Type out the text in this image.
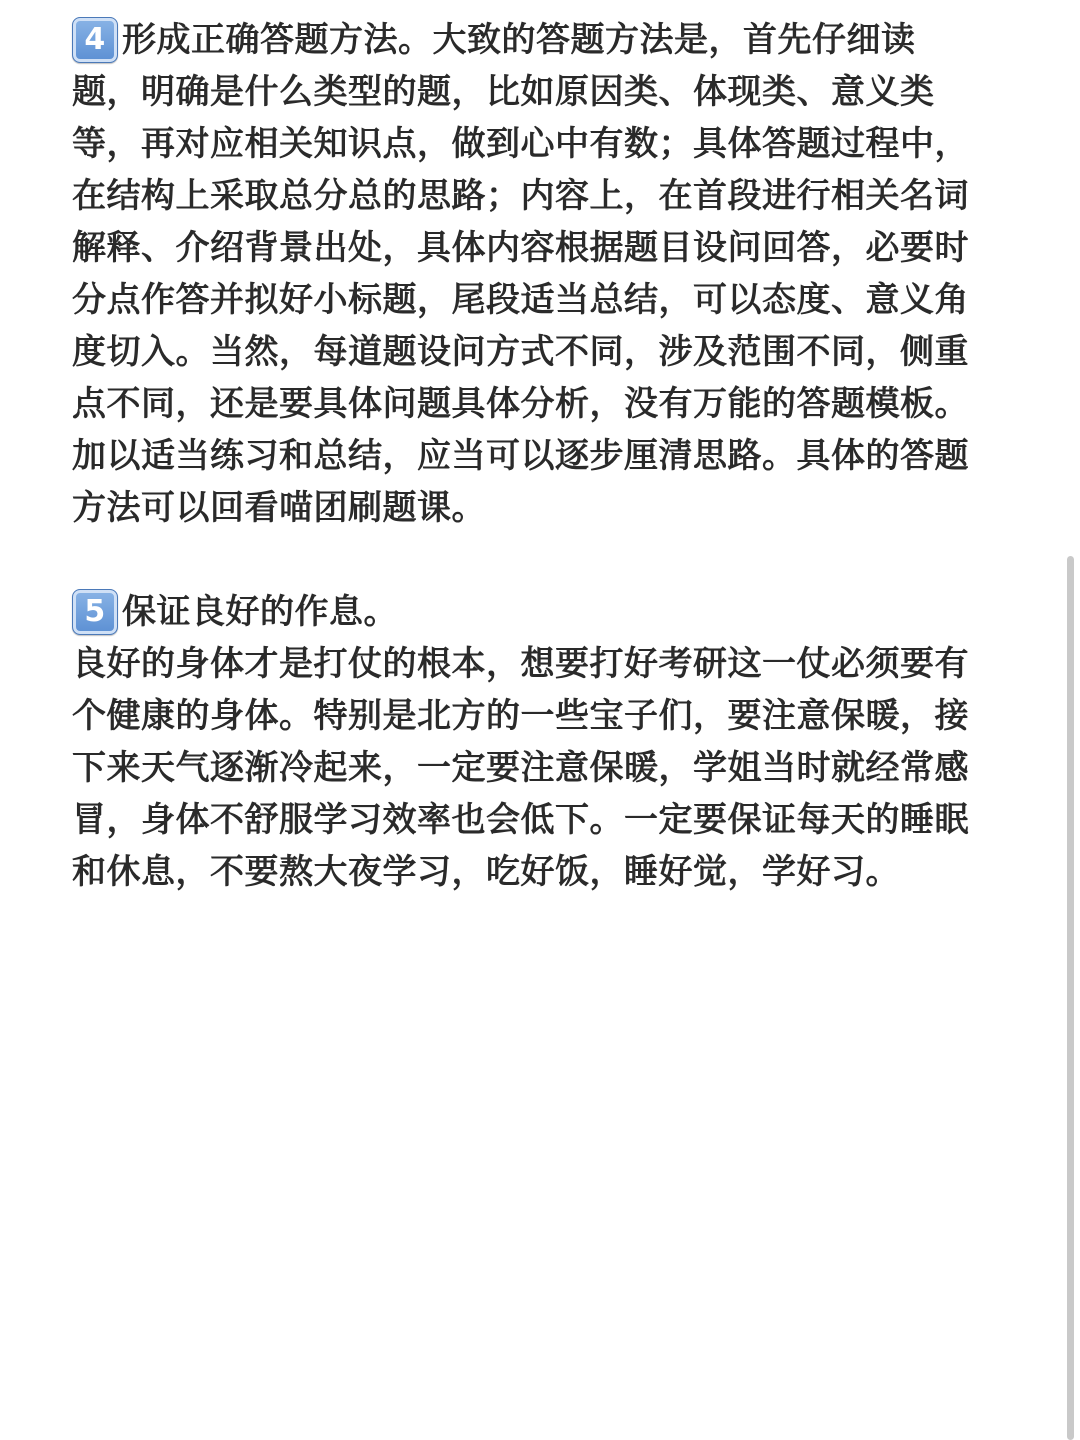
4 形成正确答题方法。大致的答题方法是，首先仔细读
题，明确是什么类型的题，比如原因类、体现类、意义类
等，再对应相关知识点，做到心中有数；具体答题过程中，
在结构上采取总分总的思路；内容上，在首段进行相关名词
解释、介绍背景出处，具体内容根据题目设问回答，必要时
分点作答并拟好小标题，尾段适当总结，可以态度、意义角
度切入。当然，每道题设问方式不同，涉及范围不同，侧重
点不同，还是要具体问题具体分析，没有万能的答题模板。
加以适当练习和总结，应当可以逐步厘清思路。具体的答题
方法可以回看喵团刷题课。
5 保证良好的作息。
良好的身体才是打仗的根本，想要打好考研这一仗必须要有
个健康的身体。特别是北方的一些宝子们，要注意保暖，接
下来天气逐渐冷起来，一定要注意保暖，学姐当时就经常感
冒，身体不舒服学习效率也会低下。一定要保证每天的睡眠
和休息，不要熬大夜学习，吃好饭，睡好觉，学好习。
